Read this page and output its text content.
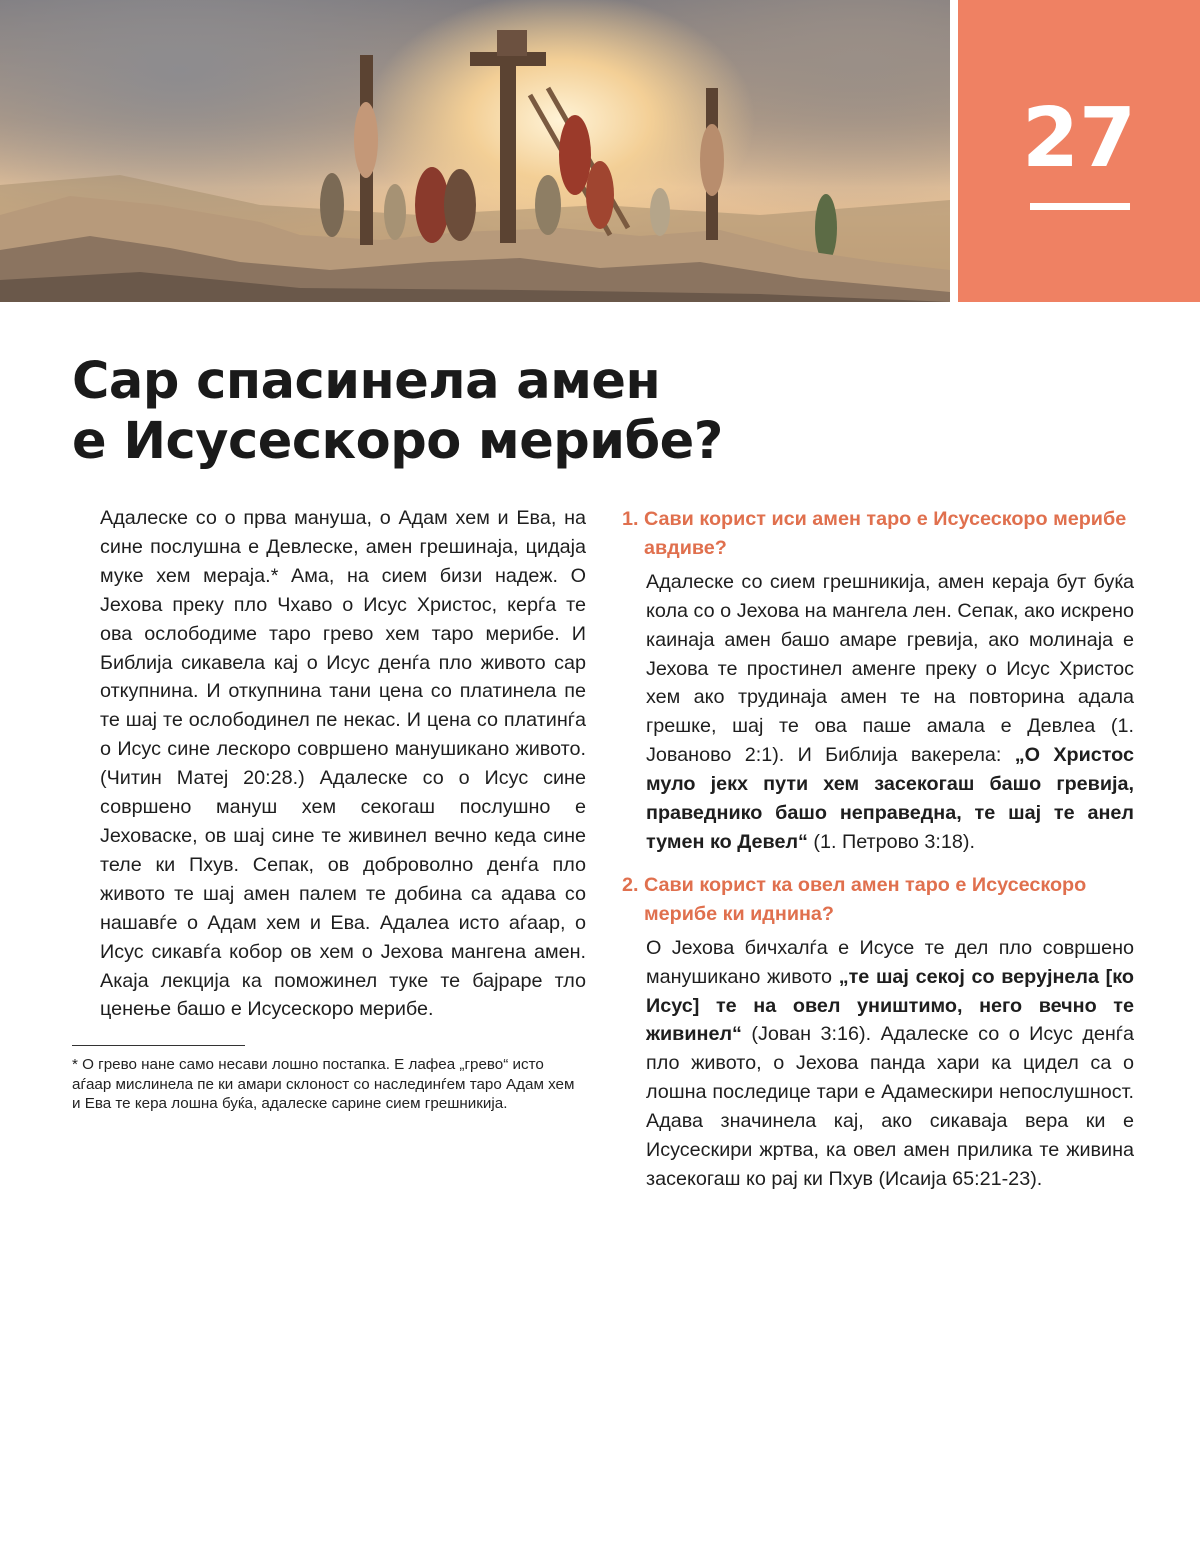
27
Сар спасинела амен
е Исусескоро мерибе?

Адалеске со о прва мануша, о Адам хем и Ева, на сине послушна е Девлеске, амен грешинаја, цидаја муке хем мераја.* Ама, на сием бизи надеж. О Јехова преку пло Чхаво о Исус Христос, керѓа те ова ослободиме таро грево хем таро мерибе. И Библија сикавела кај о Исус денѓа пло живото сар откупнина. И откупнина тани цена со платинела пе те шај те ослободинел пе некас. И цена со платинѓа о Исус сине лескоро совршено манушикано живото. (Читин Матеј 20:28.) Адалеске со о Исус сине совршено мануш хем секогаш послушно е Јеховаске, ов шај сине те живинел вечно кеда сине теле ки Пхув. Сепак, ов доброволно денѓа пло живото те шај амен палем те добина са адава со нашавѓе о Адам хем и Ева. Адалеа исто аѓаар, о Исус сикавѓа кобор ов хем о Јехова мангена амен. Акаја лекција ка поможинел туке те бајраре тло ценење башо е Исусескоро мерибе.

* О грево нане само несави лошно постапка. Е лафеа „грево“ исто аѓаар мислинела пе ки амари склоност со наслединѓем таро Адам хем и Ева те кера лошна буќа, адалеске сарине сием грешникија.

1. Сави корист иси амен таро е Исусескоро мерибе авдиве?

Адалеске со сием грешникија, амен кераја бут буќа кола со о Јехова на мангела лен. Сепак, ако искрено каинаја амен башо амаре гревија, ако молинаја е Јехова те простинел аменге преку о Исус Христос хем ако трудинаја амен те на повторина адала грешке, шај те ова паше амала е Девлеа (1. Јованово 2:1). И Библија вакерела: „О Христос муло јекх пути хем засекогаш башо гревија, праведнико башо неправедна, те шај те анел тумен ко Девел“ (1. Петрово 3:18).

2. Сави корист ка овел амен таро е Исусескоро мерибе ки иднина?

О Јехова бичхалѓа е Исусе те дел пло совршено манушикано живото „те шај секој со верујнела [ко Исус] те на овел уништимо, него вечно те живинел“ (Јован 3:16). Адалеске со о Исус денѓа пло живото, о Јехова панда хари ка цидел са о лошна последице тари е Адамескири непослушност. Адава значинела кај, ако сикаваја вера ки е Исусескири жртва, ка овел амен прилика те живина засекогаш ко рај ки Пхув (Исаија 65:21-23).
